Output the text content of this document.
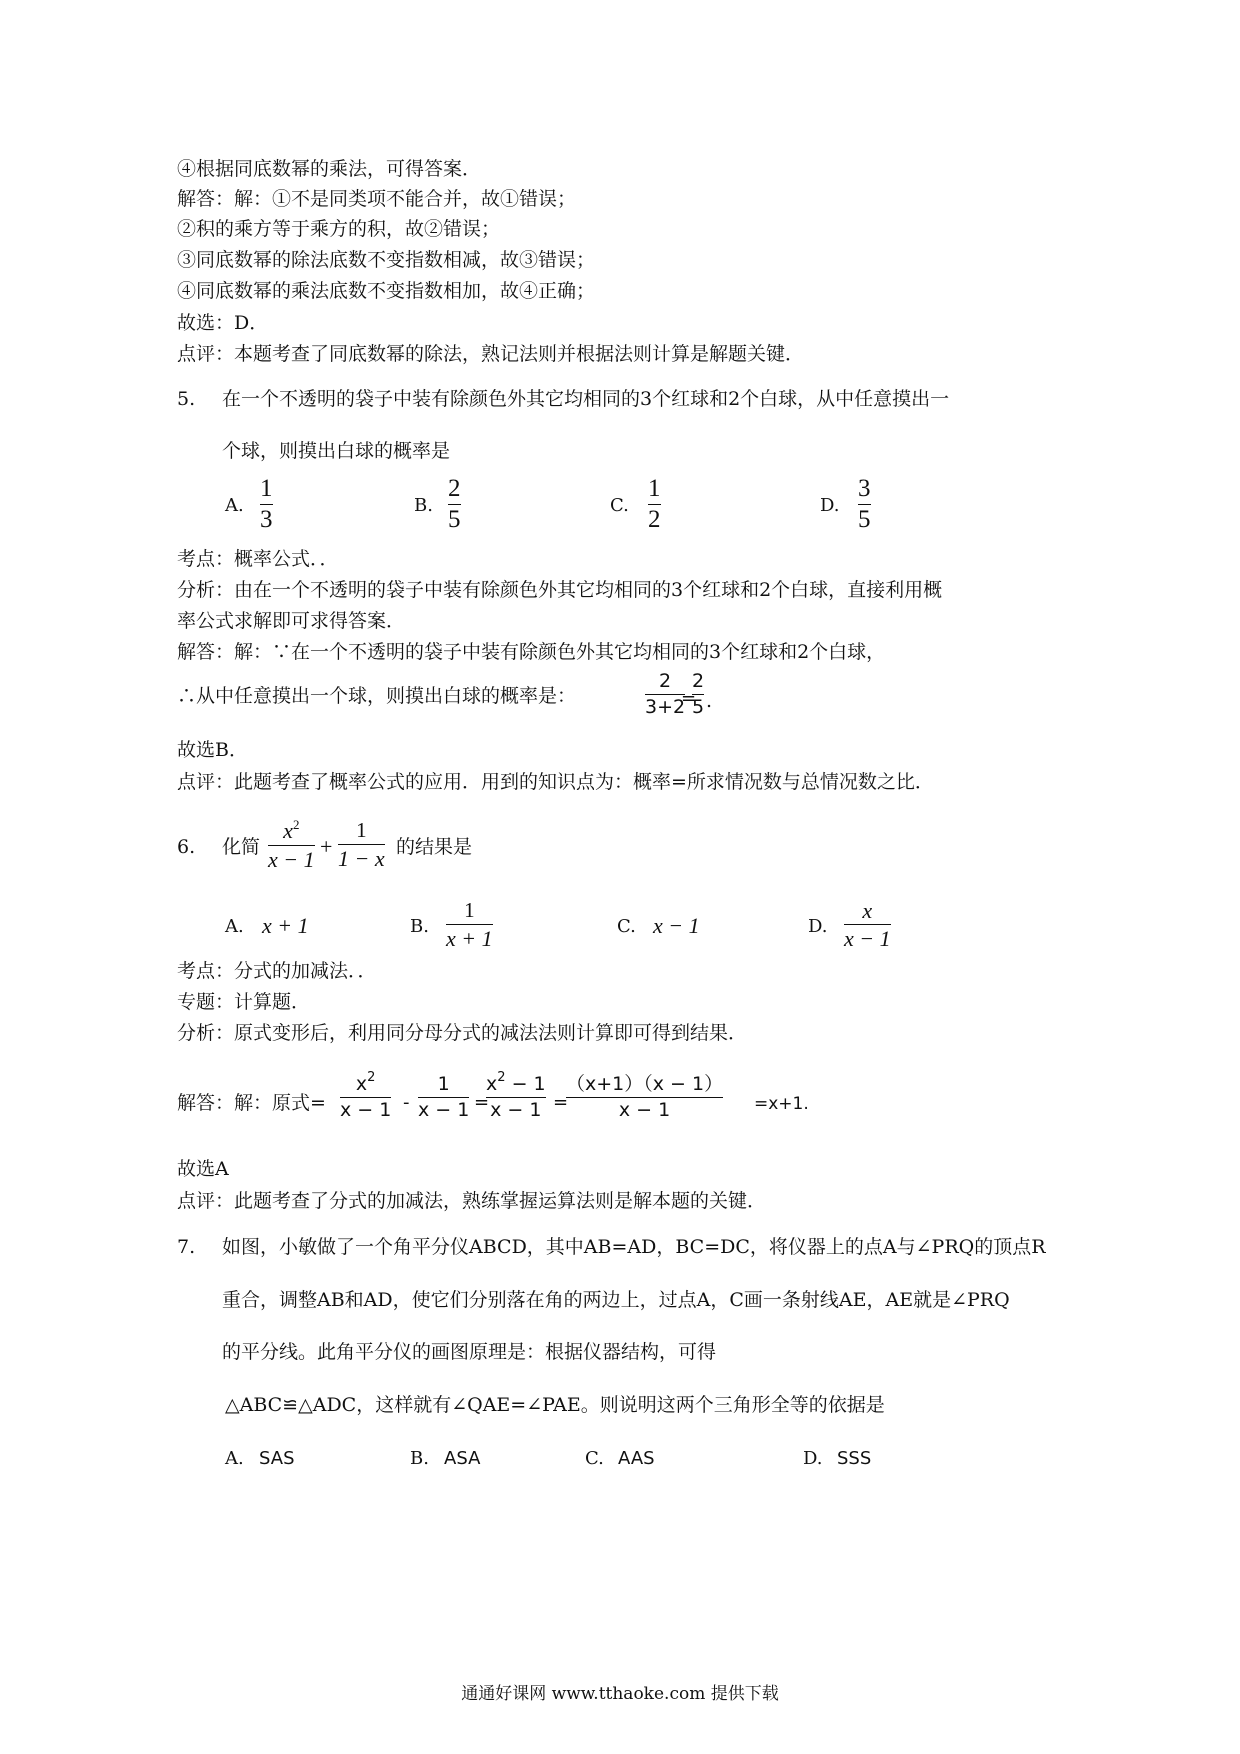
④根据同底数幂的乘法，可得答案．
解答：解：①不是同类项不能合并，故①错误；
②积的乘方等于乘方的积，故②错误；
③同底数幂的除法底数不变指数相减，故③错误；
④同底数幂的乘法底数不变指数相加，故④正确；
故选：D．
点评：本题考查了同底数幂的除法，熟记法则并根据法则计算是解题关键．
5. 在一个不透明的袋子中装有除颜色外其它均相同的3个红球和2个白球，从中任意摸出一
个球，则摸出白球的概率是
A.
1
3
B.
2
5
C.
1
2
D.
3
5
考点：概率公式．．
分析：由在一个不透明的袋子中装有除颜色外其它均相同的3个红球和2个白球，直接利用概
率公式求解即可求得答案．
解答：解：∵在一个不透明的袋子中装有除颜色外其它均相同的3个红球和2个白球，
∴从中任意摸出一个球，则摸出白球的概率是：
2
3+2
=
2
5 .
故选B．
点评：此题考查了概率公式的应用．用到的知识点为：概率=所求情况数与总情况数之比．
6. 化简
$x^2$
x − 1
+
1
1 − x 的结果是
A. x + 1	B.
1
x + 1	C. x − 1	D.
x
x − 1
考点：分式的加减法．．
专题：计算题．
分析：原式变形后，利用同分母分式的减法法则计算即可得到结果．
解答：解：原式=
$x^2$
x − 1 -
1
x − 1 =
$x^2 - 1$
x − 1 =
（x+1）（x − 1）
x − 1	=x+1.
故选A
点评：此题考查了分式的加减法，熟练掌握运算法则是解本题的关键．
7. 如图，小敏做了一个角平分仪ABCD，其中AB=AD，BC=DC，将仪器上的点A与∠PRQ的顶点R
重合，调整AB和AD，使它们分别落在角的两边上，过点A，C画一条射线AE，AE就是∠PRQ
的平分线。此角平分仪的画图原理是：根据仪器结构，可得
△ABC≌△ADC，这样就有∠QAE=∠PAE。则说明这两个三角形全等的依据是
A. SAS	B. ASA	C. AAS	D. SSS
通通好课网 www.tthaoke.com 提供下载
